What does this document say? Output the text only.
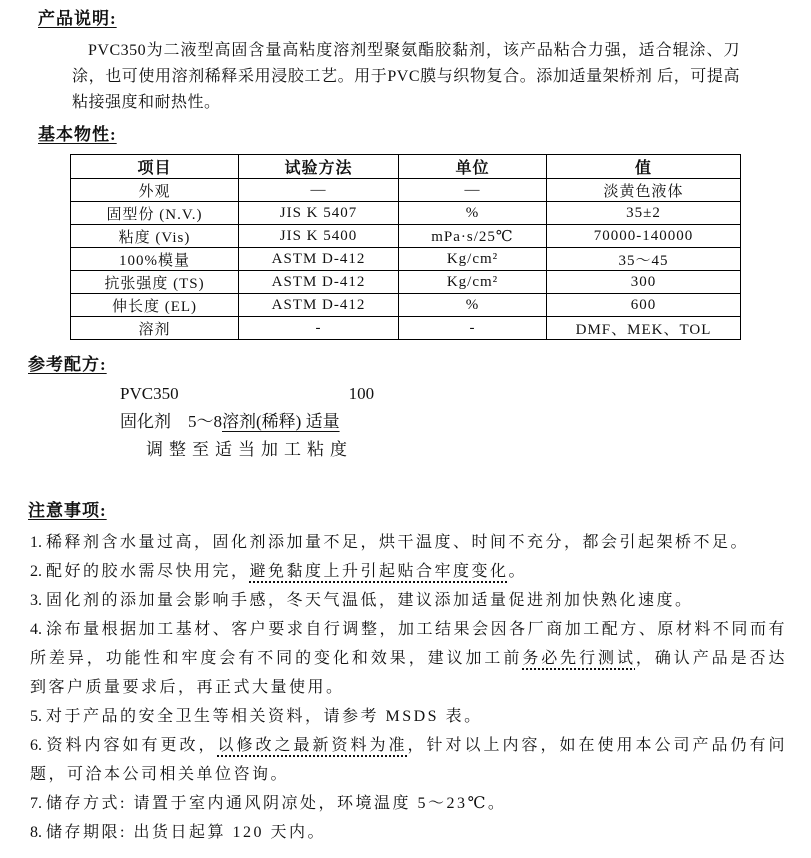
产品说明:

PVC350为二液型高固含量高粘度溶剂型聚氨酯胶黏剂，该产品粘合力强，适合辊涂、刀涂，也可使用溶剂稀释采用浸胶工艺。用于PVC膜与织物复合。添加适量架桥剂 后，可提高粘接强度和耐热性。

基本物性:
项目	试验方法	单位	值
外观	—	—	淡黄色液体
固型份 (N.V.)	JIS K 5407	%	35±2
粘度 (Vis)	JIS K 5400	mPa·s/25℃	70000-140000
100%模量	ASTM D-412	Kg/cm²	35～45
抗张强度 (TS)	ASTM D-412	Kg/cm²	300
伸长度 (EL)	ASTM D-412	%	600
溶剂	-	-	DMF、MEK、TOL
参考配方:
PVC350	100
固化剂　5～8溶剂(稀释) 适量
调整至适当加工粘度
注意事项:
1. 稀释剂含水量过高，固化剂添加量不足，烘干温度、时间不充分，都会引起架桥不足。
2. 配好的胶水需尽快用完，避免黏度上升引起贴合牢度变化。
3. 固化剂的添加量会影响手感，冬天气温低，建议添加适量促进剂加快熟化速度。
4. 涂布量根据加工基材、客户要求自行调整，加工结果会因各厂商加工配方、原材料不同而有所差异，功能性和牢度会有不同的变化和效果，建议加工前务必先行测试，确认产品是否达到客户质量要求后，再正式大量使用。
5. 对于产品的安全卫生等相关资料，请参考 MSDS 表。
6. 资料内容如有更改，以修改之最新资料为准，针对以上内容，如在使用本公司产品仍有问题，可洽本公司相关单位咨询。
7. 储存方式: 请置于室内通风阴凉处，环境温度 5～23℃。
8. 储存期限: 出货日起算 120 天内。
